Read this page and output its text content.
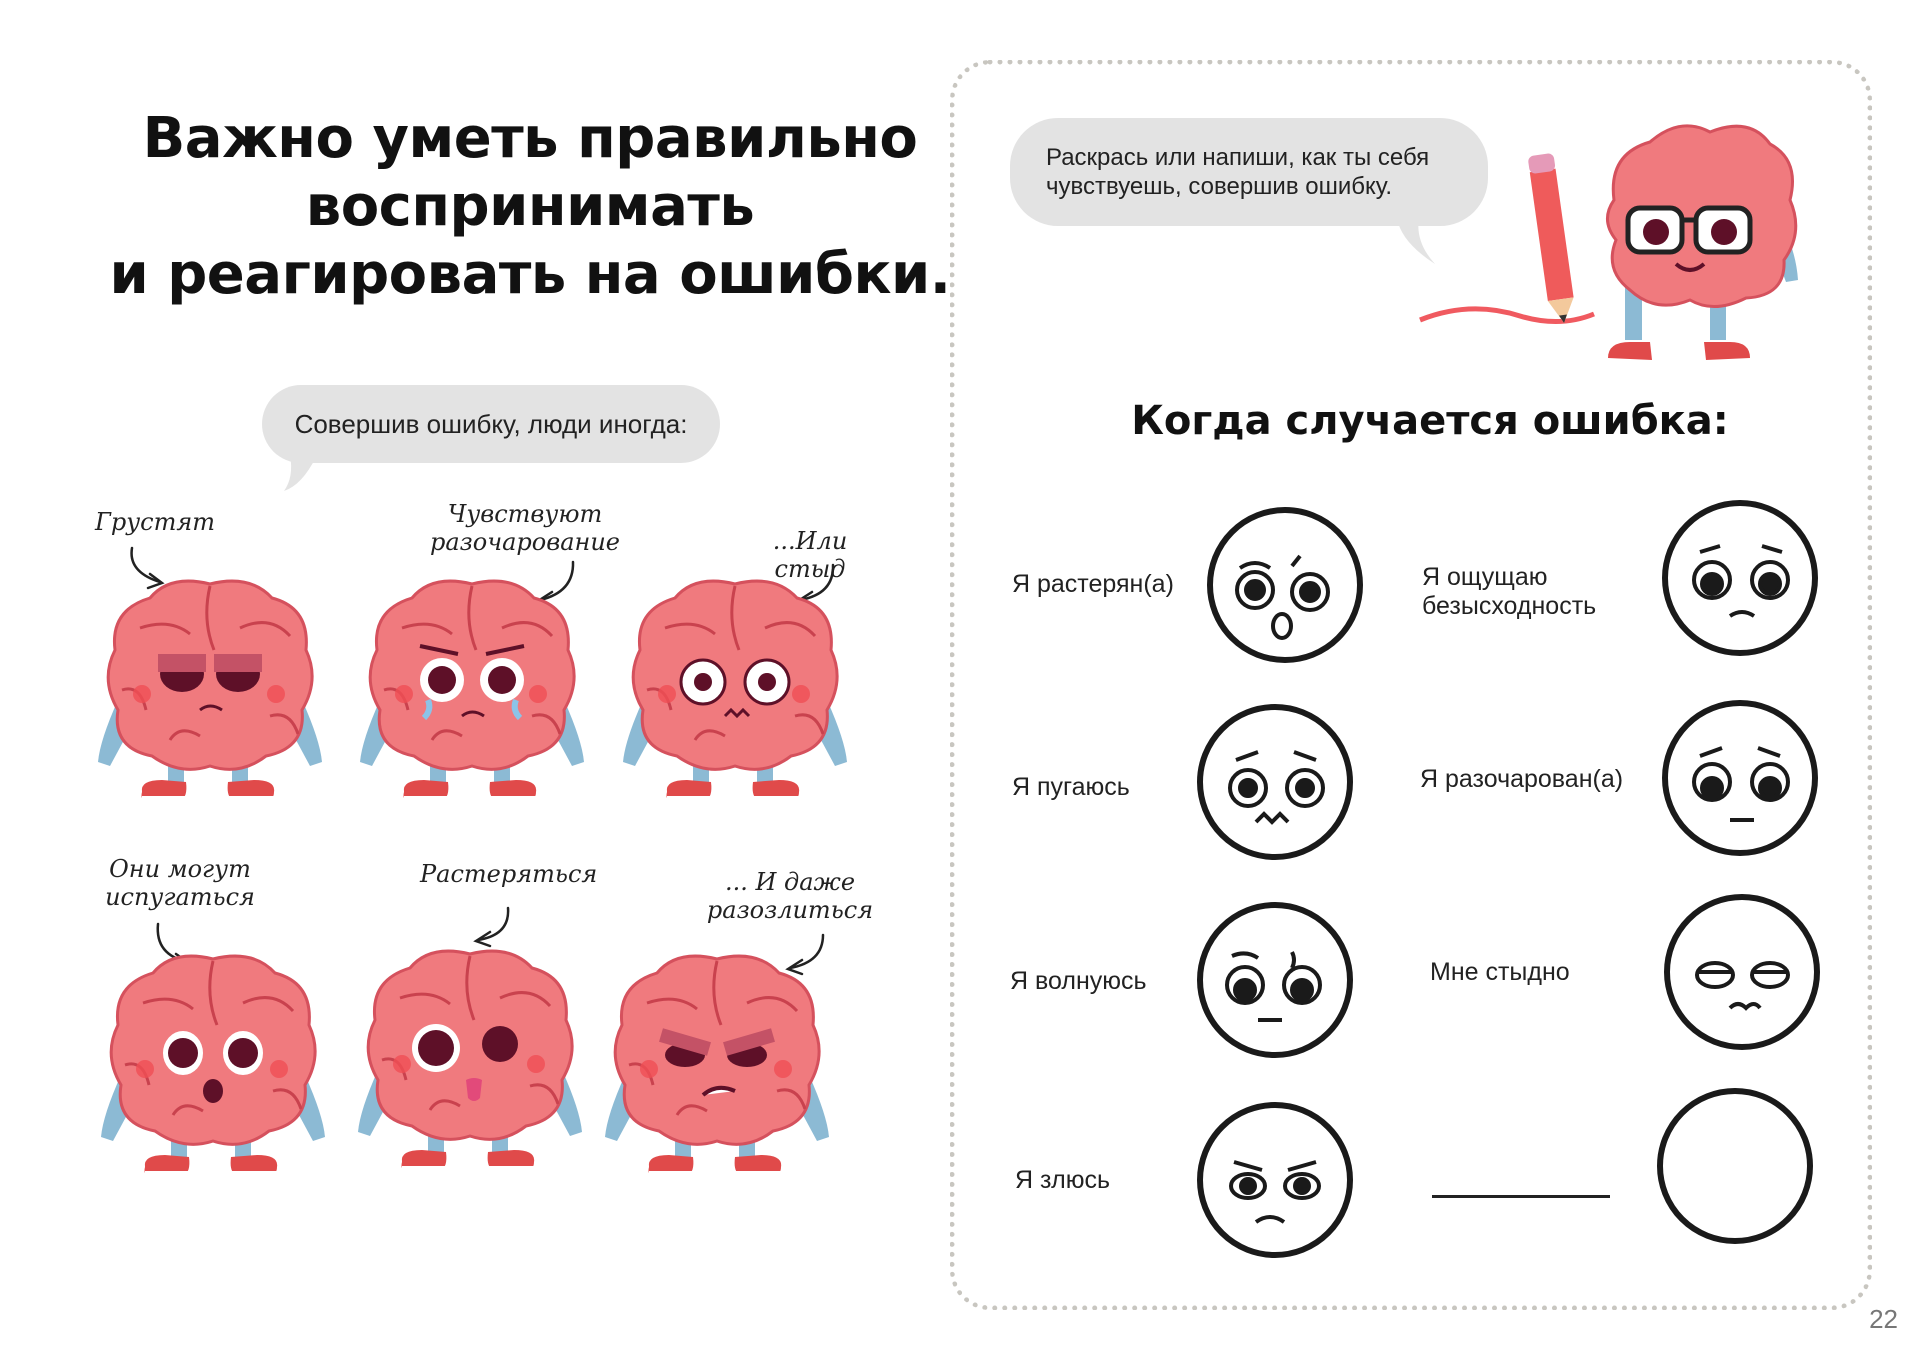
Важно уметь правильно
воспринимать
и реагировать на ошибки.
Совершив ошибку, люди иногда:
Грустят	Чувствуют
разочарование	...Или стыд
Они могут
испугаться
Растеряться	... И даже
разозлиться
Раскрась или напиши, как ты себя
чувствуешь, совершив ошибку.
Когда случается ошибка:
Я растерян(а)
Я пугаюсь
Я волнуюсь
Я злюсь
Я ощущаю
безысходность
Я разочарован(а)
Мне стыдно
22
